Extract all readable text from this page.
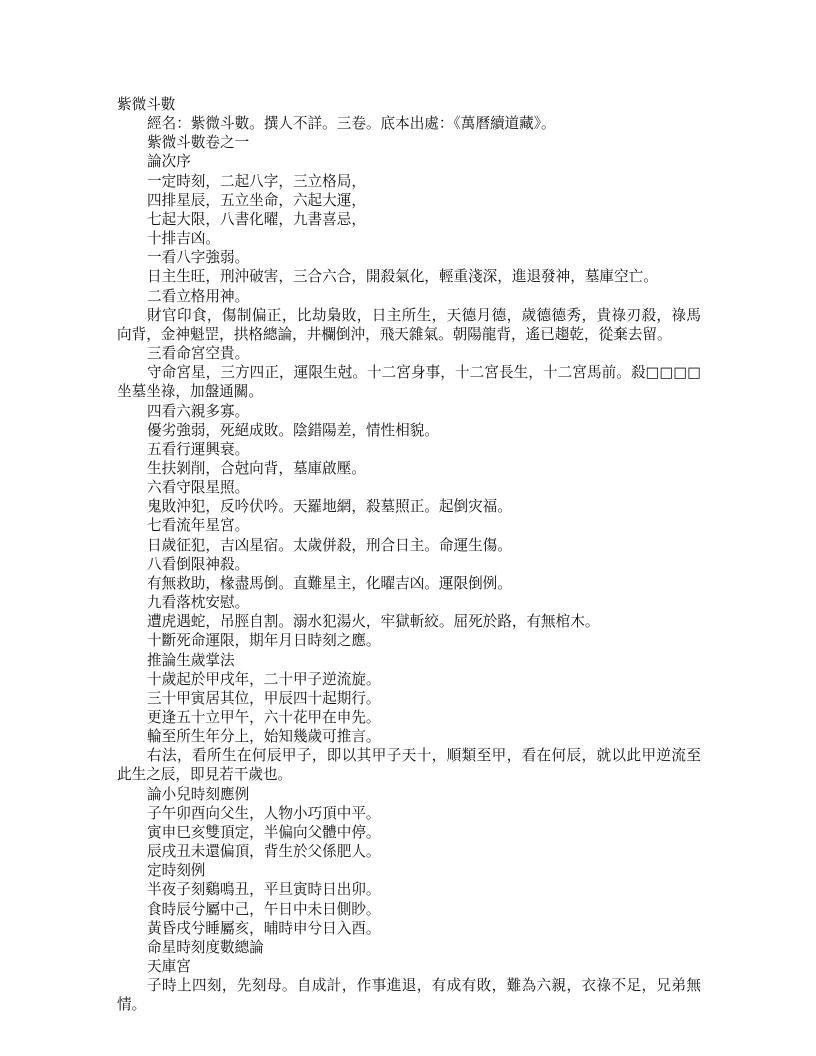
紫微斗數

經名：紫微斗數。撰人不詳。三卷。底本出處：《萬曆續道藏》。

紫微斗數卷之一

論次序

一定時刻，二起八字，三立格局，

四排星辰，五立坐命，六起大運，

七起大限，八書化曜，九書喜忌，

十排吉凶。

一看八字強弱。

日主生旺，刑沖破害，三合六合，開殺氣化，輕重淺深，進退發神，墓庫空亡。

二看立格用神。

財官印食，傷制偏正，比劫梟敗，日主所生，天德月德，歲德德秀，貴祿刃殺，祿馬向背，金神魁罡，拱格總論，井欄倒沖，飛天雜氣。朝陽龍背，遙已趨乾，從棄去留。

三看命宮空貴。

守命宮星，三方四正，運限生尅。十二宮身事，十二宮長生，十二宮馬前。殺□□□□坐墓坐祿，加盤通關。

四看六親多寡。

優劣強弱，死絕成敗。陰錯陽差，情性相貌。

五看行運興衰。

生扶剝削，合尅向背，墓庫啟壓。

六看守限星照。

鬼敗沖犯，反吟伏吟。天羅地網，殺墓照正。起倒灾福。

七看流年星宮。

日歲征犯，吉凶星宿。太歲併殺，刑合日主。命運生傷。

八看倒限神殺。

有無救助，椽盡馬倒。直難星主，化曜吉凶。運限倒例。

九看落枕安慰。

遭虎遇蛇，吊脛自割。溺水犯湯火，牢獄斬絞。屈死於路，有無棺木。

十斷死命運限，期年月日時刻之應。

推論生歲掌法

十歲起於甲戌年，二十甲子逆流旋。

三十甲寅居其位，甲辰四十起期行。

更逢五十立甲午，六十花甲在申先。

輪至所生年分上，始知幾歲可推言。

右法，看所生在何辰甲子，即以其甲子天十，順類至甲，看在何辰，就以此甲逆流至此生之辰，即見若干歲也。

論小兒時刻應例

子午卯酉向父生，人物小巧頂中平。

寅申巳亥雙頂定，半偏向父體中停。

辰戌丑未還偏頂，背生於父係肥人。

定時刻例

半夜子刻鷄鳴丑，平旦寅時日出卯。

食時辰兮屬中己，午日中未日側眇。

黃昏戌兮睡屬亥，晡時申兮日入酉。

命星時刻度數總論

天庫宮

子時上四刻，先刻母。自成計，作事進退，有成有敗，難為六親，衣祿不足，兄弟無情。
